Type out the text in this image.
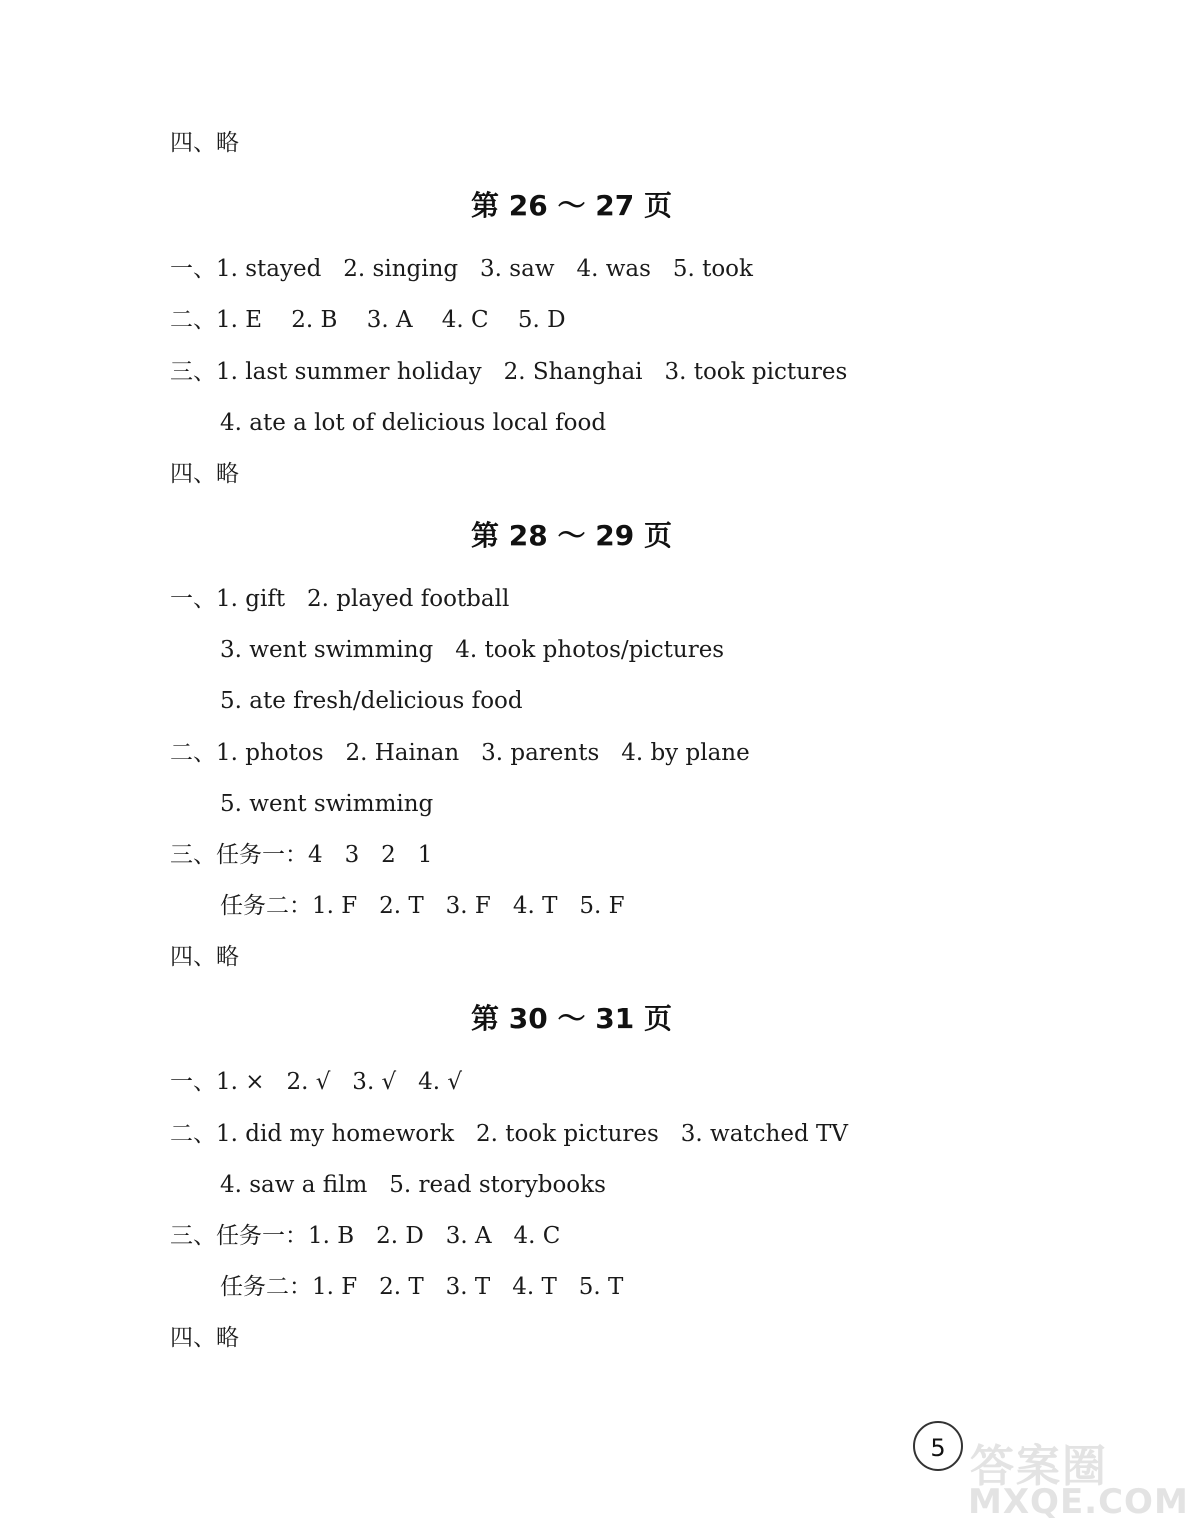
四、略
第 26 ～ 27 页
一、1. stayed   2. singing   3. saw   4. was   5. took
二、1. E    2. B    3. A    4. C    5. D
三、1. last summer holiday   2. Shanghai   3. took pictures
4. ate a lot of delicious local food
四、略
第 28 ～ 29 页
一、1. gift   2. played football
3. went swimming   4. took photos/pictures
5. ate fresh/delicious food
二、1. photos   2. Hainan   3. parents   4. by plane
5. went swimming
三、任务一：4   3   2   1
任务二：1. F   2. T   3. F   4. T   5. F
四、略
第 30 ～ 31 页
一、1. ×   2. √   3. √   4. √
二、1. did my homework   2. took pictures   3. watched TV
4. saw a film   5. read storybooks
三、任务一：1. B   2. D   3. A   4. C
任务二：1. F   2. T   3. T   4. T   5. T
四、略
5 答案圈
MXQE.COM
